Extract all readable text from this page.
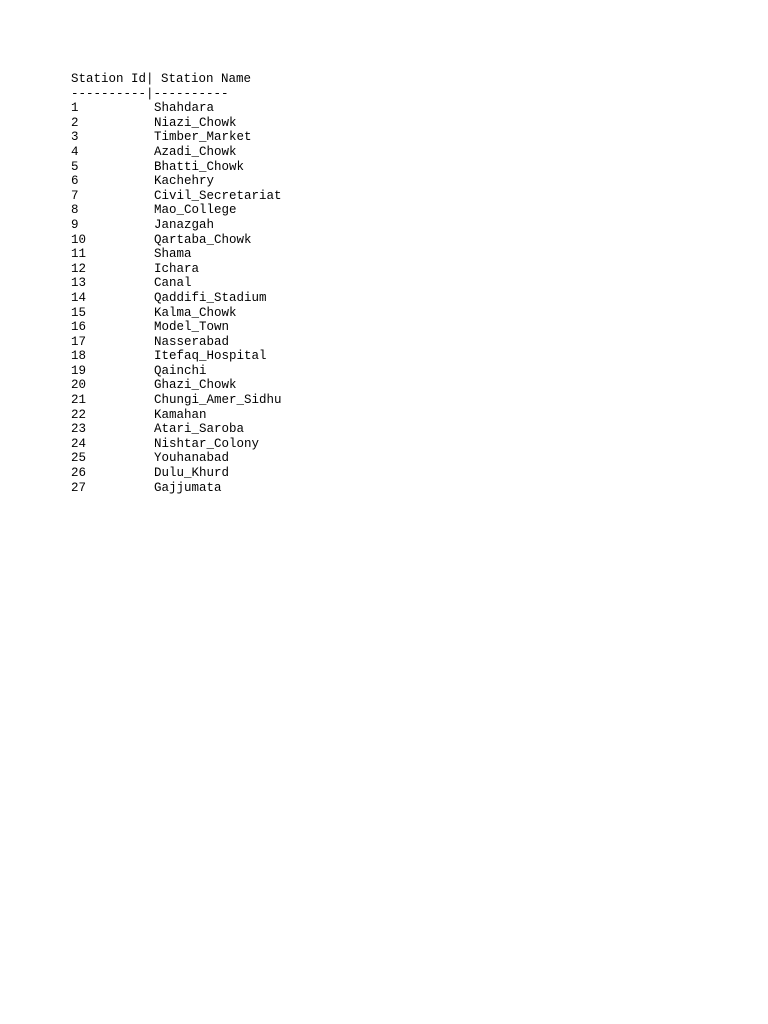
Station Id| Station Name
----------|----------
1	Shahdara
2	Niazi_Chowk
3	Timber_Market
4	Azadi_Chowk
5	Bhatti_Chowk
6	Kachehry
7	Civil_Secretariat
8	Mao_College
9	Janazgah
10	Qartaba_Chowk
11	Shama
12	Ichara
13	Canal
14	Qaddifi_Stadium
15	Kalma_Chowk
16	Model_Town
17	Nasserabad
18	Itefaq_Hospital
19	Qainchi
20	Ghazi_Chowk
21	Chungi_Amer_Sidhu
22	Kamahan
23	Atari_Saroba
24	Nishtar_Colony
25	Youhanabad
26	Dulu_Khurd
27	Gajjumata
